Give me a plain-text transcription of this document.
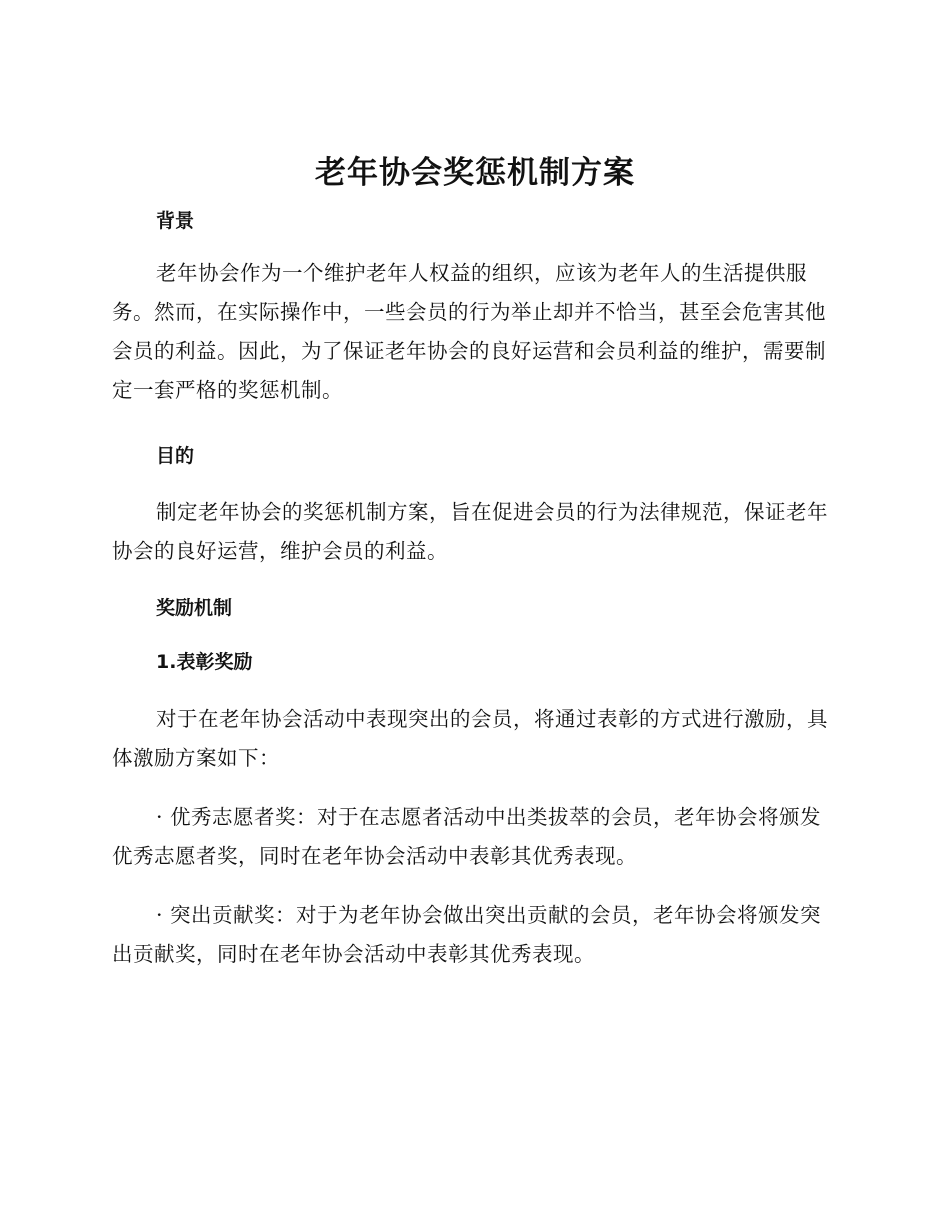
老年协会奖惩机制方案
背景
老年协会作为一个维护老年人权益的组织，应该为老年人的生活提供服务。然而，在实际操作中，一些会员的行为举止却并不恰当，甚至会危害其他会员的利益。因此，为了保证老年协会的良好运营和会员利益的维护，需要制定一套严格的奖惩机制。
目的
制定老年协会的奖惩机制方案，旨在促进会员的行为法律规范，保证老年协会的良好运营，维护会员的利益。
奖励机制
1.表彰奖励
对于在老年协会活动中表现突出的会员，将通过表彰的方式进行激励，具体激励方案如下：
· 优秀志愿者奖：对于在志愿者活动中出类拔萃的会员，老年协会将颁发优秀志愿者奖，同时在老年协会活动中表彰其优秀表现。
· 突出贡献奖：对于为老年协会做出突出贡献的会员，老年协会将颁发突出贡献奖，同时在老年协会活动中表彰其优秀表现。
